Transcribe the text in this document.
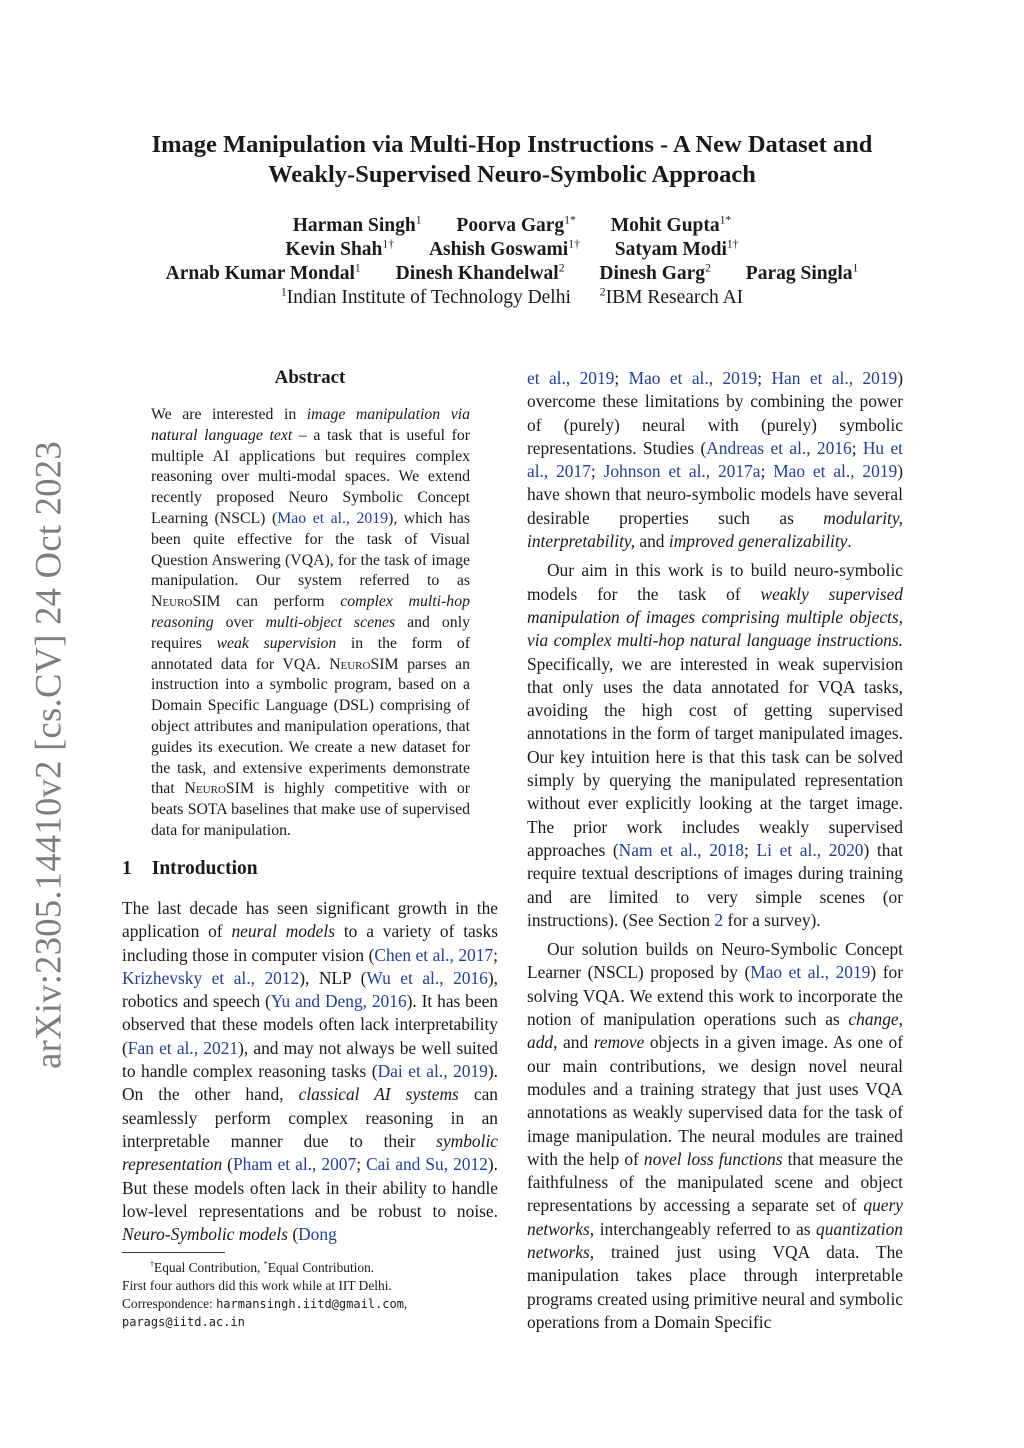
arXiv:2305.14410v2 [cs.CV] 24 Oct 2023
Image Manipulation via Multi-Hop Instructions - A New Dataset and
Weakly-Supervised Neuro-Symbolic Approach
Harman Singh$^1$ Poorva Garg$^{1*}$ Mohit Gupta$^{1*}$
Kevin Shah$^{1\dagger}$ Ashish Goswami$^{1\dagger}$ Satyam Modi$^{1\dagger}$
Arnab Kumar Mondal$^1$ Dinesh Khandelwal$^2$ Dinesh Garg$^2$ Parag Singla$^1$
$^1$Indian Institute of Technology Delhi $^2$IBM Research AI
Abstract
We are interested in image manipulation via natural language text – a task that is useful for multiple AI applications but requires complex reasoning over multi-modal spaces. We extend recently proposed Neuro Symbolic Concept Learning (NSCL) (Mao et al., 2019), which has been quite effective for the task of Visual Question Answering (VQA), for the task of image manipulation. Our system referred to as NeuroSIM can perform complex multi-hop reasoning over multi-object scenes and only requires weak supervision in the form of annotated data for VQA. NeuroSIM parses an instruction into a symbolic program, based on a Domain Specific Language (DSL) comprising of object attributes and manipulation operations, that guides its execution. We create a new dataset for the task, and extensive experiments demonstrate that NeuroSIM is highly competitive with or beats SOTA baselines that make use of supervised data for manipulation.
1 Introduction
The last decade has seen significant growth in the application of neural models to a variety of tasks including those in computer vision (Chen et al., 2017; Krizhevsky et al., 2012), NLP (Wu et al., 2016), robotics and speech (Yu and Deng, 2016). It has been observed that these models often lack interpretability (Fan et al., 2021), and may not always be well suited to handle complex reasoning tasks (Dai et al., 2019). On the other hand, classical AI systems can seamlessly perform complex reasoning in an interpretable manner due to their symbolic representation (Pham et al., 2007; Cai and Su, 2012). But these models often lack in their ability to handle low-level representations and be robust to noise. Neuro-Symbolic models (Dong
†Equal Contribution, *Equal Contribution.
First four authors did this work while at IIT Delhi.
Correspondence: harmansingh.iitd@gmail.com,
parags@iitd.ac.in

et al., 2019; Mao et al., 2019; Han et al., 2019) overcome these limitations by combining the power of (purely) neural with (purely) symbolic representations. Studies (Andreas et al., 2016; Hu et al., 2017; Johnson et al., 2017a; Mao et al., 2019) have shown that neuro-symbolic models have several desirable properties such as modularity, interpretability, and improved generalizability.

Our aim in this work is to build neuro-symbolic models for the task of weakly supervised manipulation of images comprising multiple objects, via complex multi-hop natural language instructions. Specifically, we are interested in weak supervision that only uses the data annotated for VQA tasks, avoiding the high cost of getting supervised annotations in the form of target manipulated images. Our key intuition here is that this task can be solved simply by querying the manipulated representation without ever explicitly looking at the target image. The prior work includes weakly supervised approaches (Nam et al., 2018; Li et al., 2020) that require textual descriptions of images during training and are limited to very simple scenes (or instructions). (See Section 2 for a survey).

Our solution builds on Neuro-Symbolic Concept Learner (NSCL) proposed by (Mao et al., 2019) for solving VQA. We extend this work to incorporate the notion of manipulation operations such as change, add, and remove objects in a given image. As one of our main contributions, we design novel neural modules and a training strategy that just uses VQA annotations as weakly supervised data for the task of image manipulation. The neural modules are trained with the help of novel loss functions that measure the faithfulness of the manipulated scene and object representations by accessing a separate set of query networks, interchangeably referred to as quantization networks, trained just using VQA data. The manipulation takes place through interpretable programs created using primitive neural and symbolic operations from a Domain Specific
